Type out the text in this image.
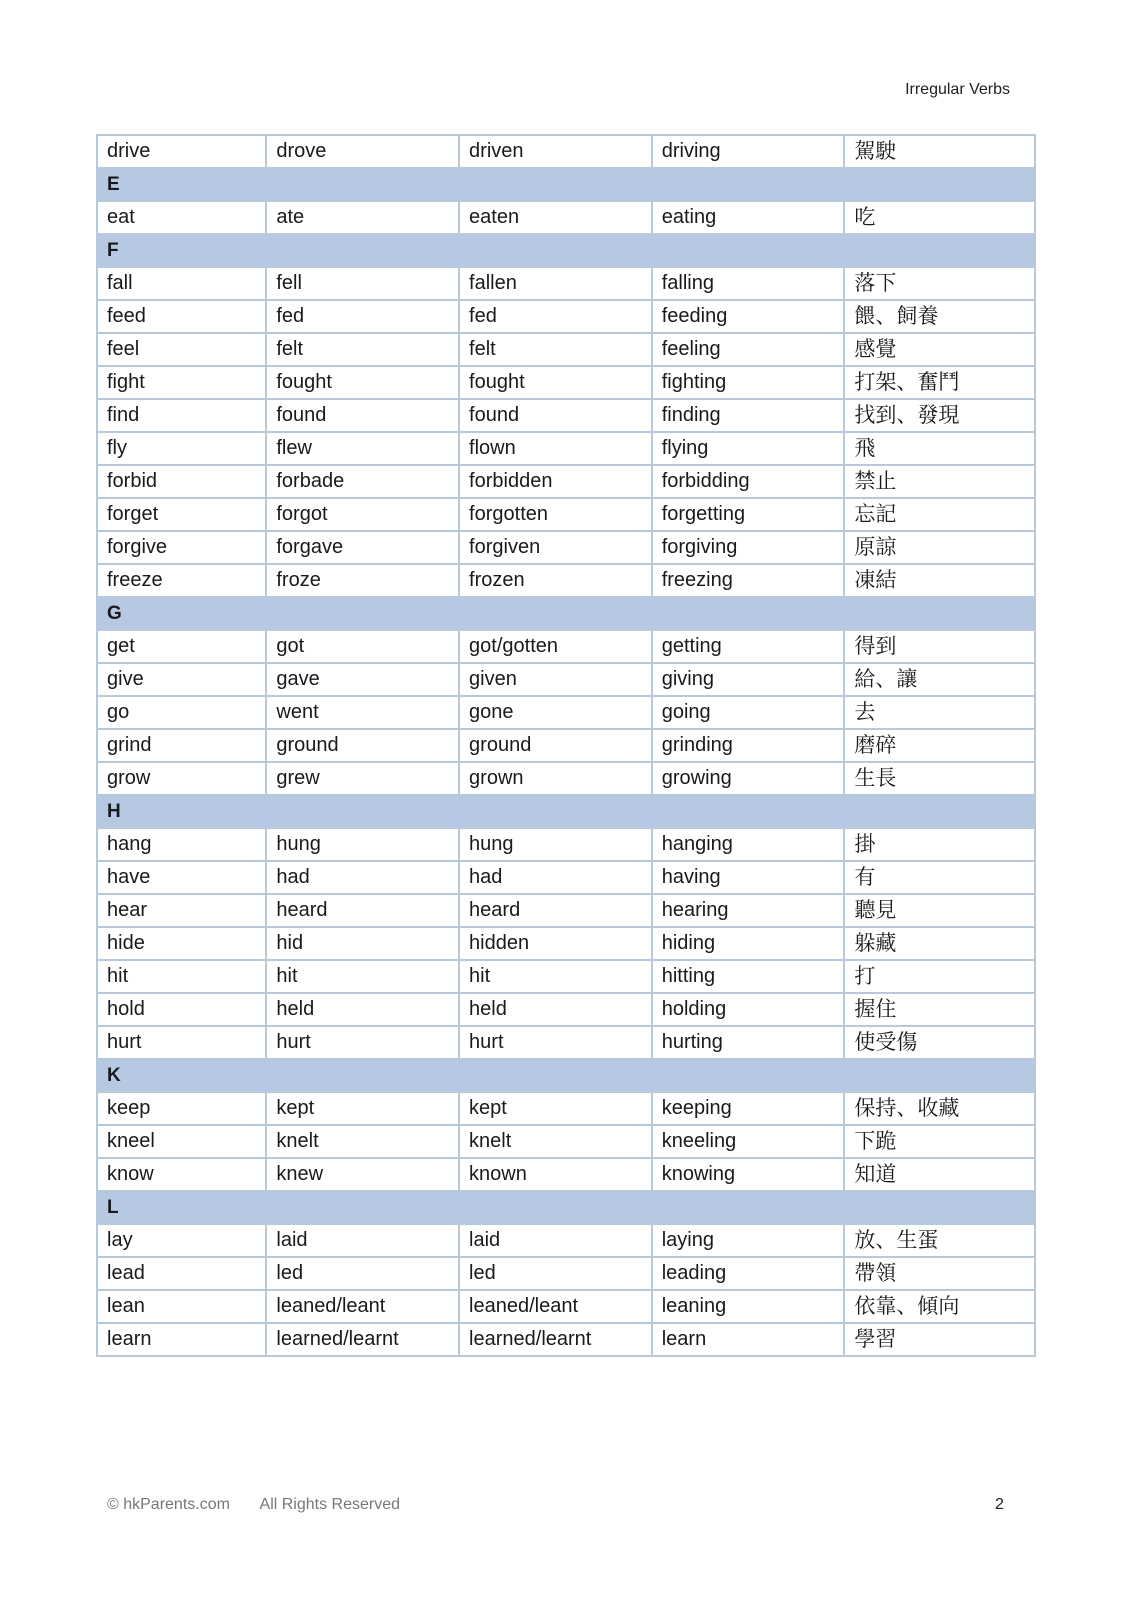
Irregular Verbs
drive	drove	driven	driving	駕駛
E				
eat	ate	eaten	eating	吃
F				
fall	fell	fallen	falling	落下
feed	fed	fed	feeding	餵、飼養
feel	felt	felt	feeling	感覺
fight	fought	fought	fighting	打架、奮鬥
find	found	found	finding	找到、發現
fly	flew	flown	flying	飛
forbid	forbade	forbidden	forbidding	禁止
forget	forgot	forgotten	forgetting	忘記
forgive	forgave	forgiven	forgiving	原諒
freeze	froze	frozen	freezing	凍結
G				
get	got	got/gotten	getting	得到
give	gave	given	giving	給、讓
go	went	gone	going	去
grind	ground	ground	grinding	磨碎
grow	grew	grown	growing	生長
H				
hang	hung	hung	hanging	掛
have	had	had	having	有
hear	heard	heard	hearing	聽見
hide	hid	hidden	hiding	躲藏
hit	hit	hit	hitting	打
hold	held	held	holding	握住
hurt	hurt	hurt	hurting	使受傷
K				
keep	kept	kept	keeping	保持、收藏
kneel	knelt	knelt	kneeling	下跪
know	knew	known	knowing	知道
L				
lay	laid	laid	laying	放、生蛋
lead	led	led	leading	帶領
lean	leaned/leant	leaned/leant	leaning	依靠、傾向
learn	learned/learnt	learned/learnt	learn	學習
© hkParents.com All Rights Reserved	2
